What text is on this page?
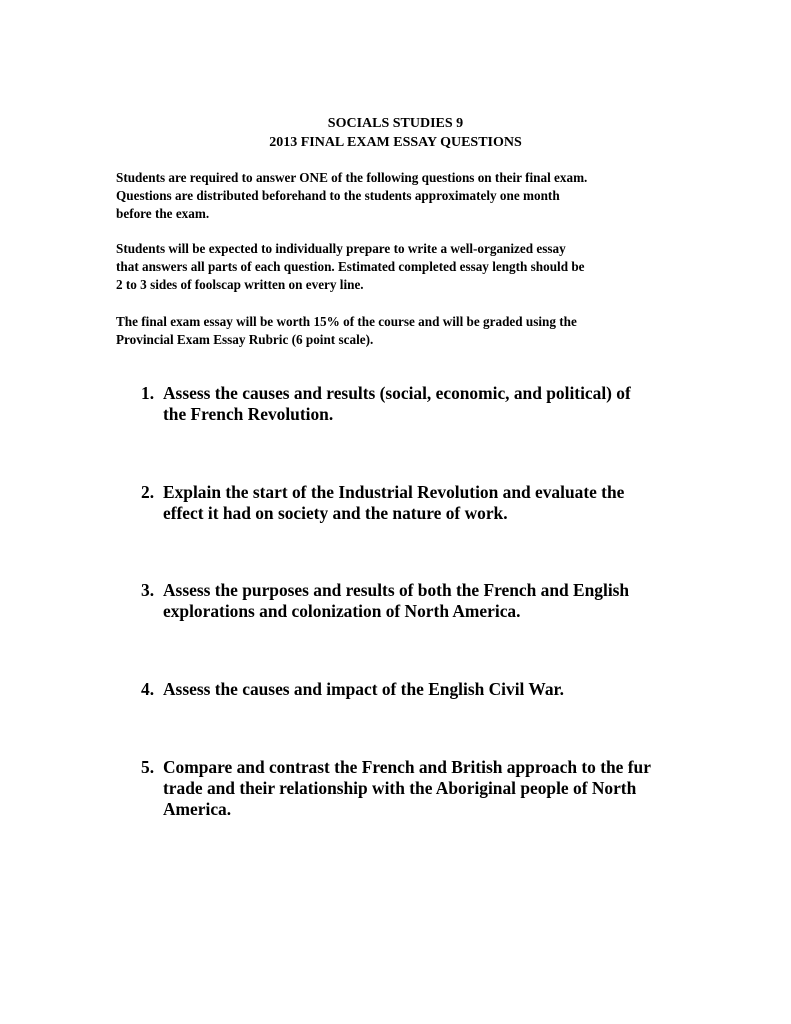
SOCIALS STUDIES 9
2013 FINAL EXAM ESSAY QUESTIONS
Students are required to answer ONE of the following questions on their final exam.
Questions are distributed beforehand to the students approximately one month
before the exam.
Students will be expected to individually prepare to write a well-organized essay
that answers all parts of each question. Estimated completed essay length should be
2 to 3 sides of foolscap written on every line.
The final exam essay will be worth 15% of the course and will be graded using the
Provincial Exam Essay Rubric (6 point scale).
1. Assess the causes and results (social, economic, and political) of
the French Revolution.
2. Explain the start of the Industrial Revolution and evaluate the
effect it had on society and the nature of work.
3. Assess the purposes and results of both the French and English
explorations and colonization of North America.
4. Assess the causes and impact of the English Civil War.
5. Compare and contrast the French and British approach to the fur
trade and their relationship with the Aboriginal people of North
America.
